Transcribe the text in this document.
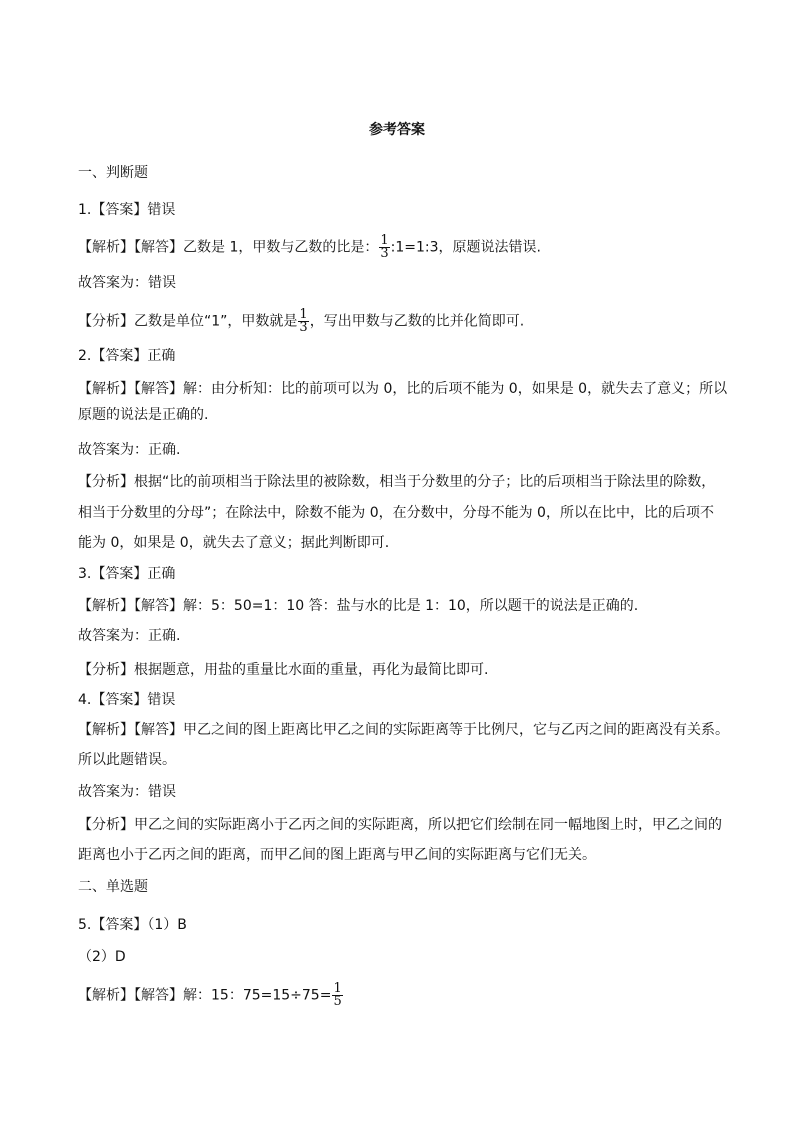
参考答案
一、判断题
1.【答案】错误
【解析】【解答】乙数是 1，甲数与乙数的比是： $\frac{1}{3}$ :1=1:3，原题说法错误.
故答案为：错误
【分析】乙数是单位“1”，甲数就是 $\frac{1}{3}$ ，写出甲数与乙数的比并化简即可.
2.【答案】正确
【解析】【解答】解：由分析知：比的前项可以为 0，比的后项不能为 0，如果是 0，就失去了意义；所以
原题的说法是正确的.
故答案为：正确.
【分析】根据“比的前项相当于除法里的被除数，相当于分数里的分子；比的后项相当于除法里的除数，
相当于分数里的分母”；在除法中，除数不能为 0，在分数中，分母不能为 0，所以在比中，比的后项不
能为 0，如果是 0，就失去了意义；据此判断即可.
3.【答案】正确
【解析】【解答】解：5：50=1：10 答：盐与水的比是 1：10，所以题干的说法是正确的.
故答案为：正确.
【分析】根据题意，用盐的重量比水面的重量，再化为最简比即可.
4.【答案】错误
【解析】【解答】甲乙之间的图上距离比甲乙之间的实际距离等于比例尺，它与乙丙之间的距离没有关系。
所以此题错误。
故答案为：错误
【分析】甲乙之间的实际距离小于乙丙之间的实际距离，所以把它们绘制在同一幅地图上时，甲乙之间的
距离也小于乙丙之间的距离，而甲乙间的图上距离与甲乙间的实际距离与它们无关。
二、单选题
5.【答案】（1）B
（2）D
【解析】【解答】解：15：$75=15\div 75= \frac{1}{5}$
